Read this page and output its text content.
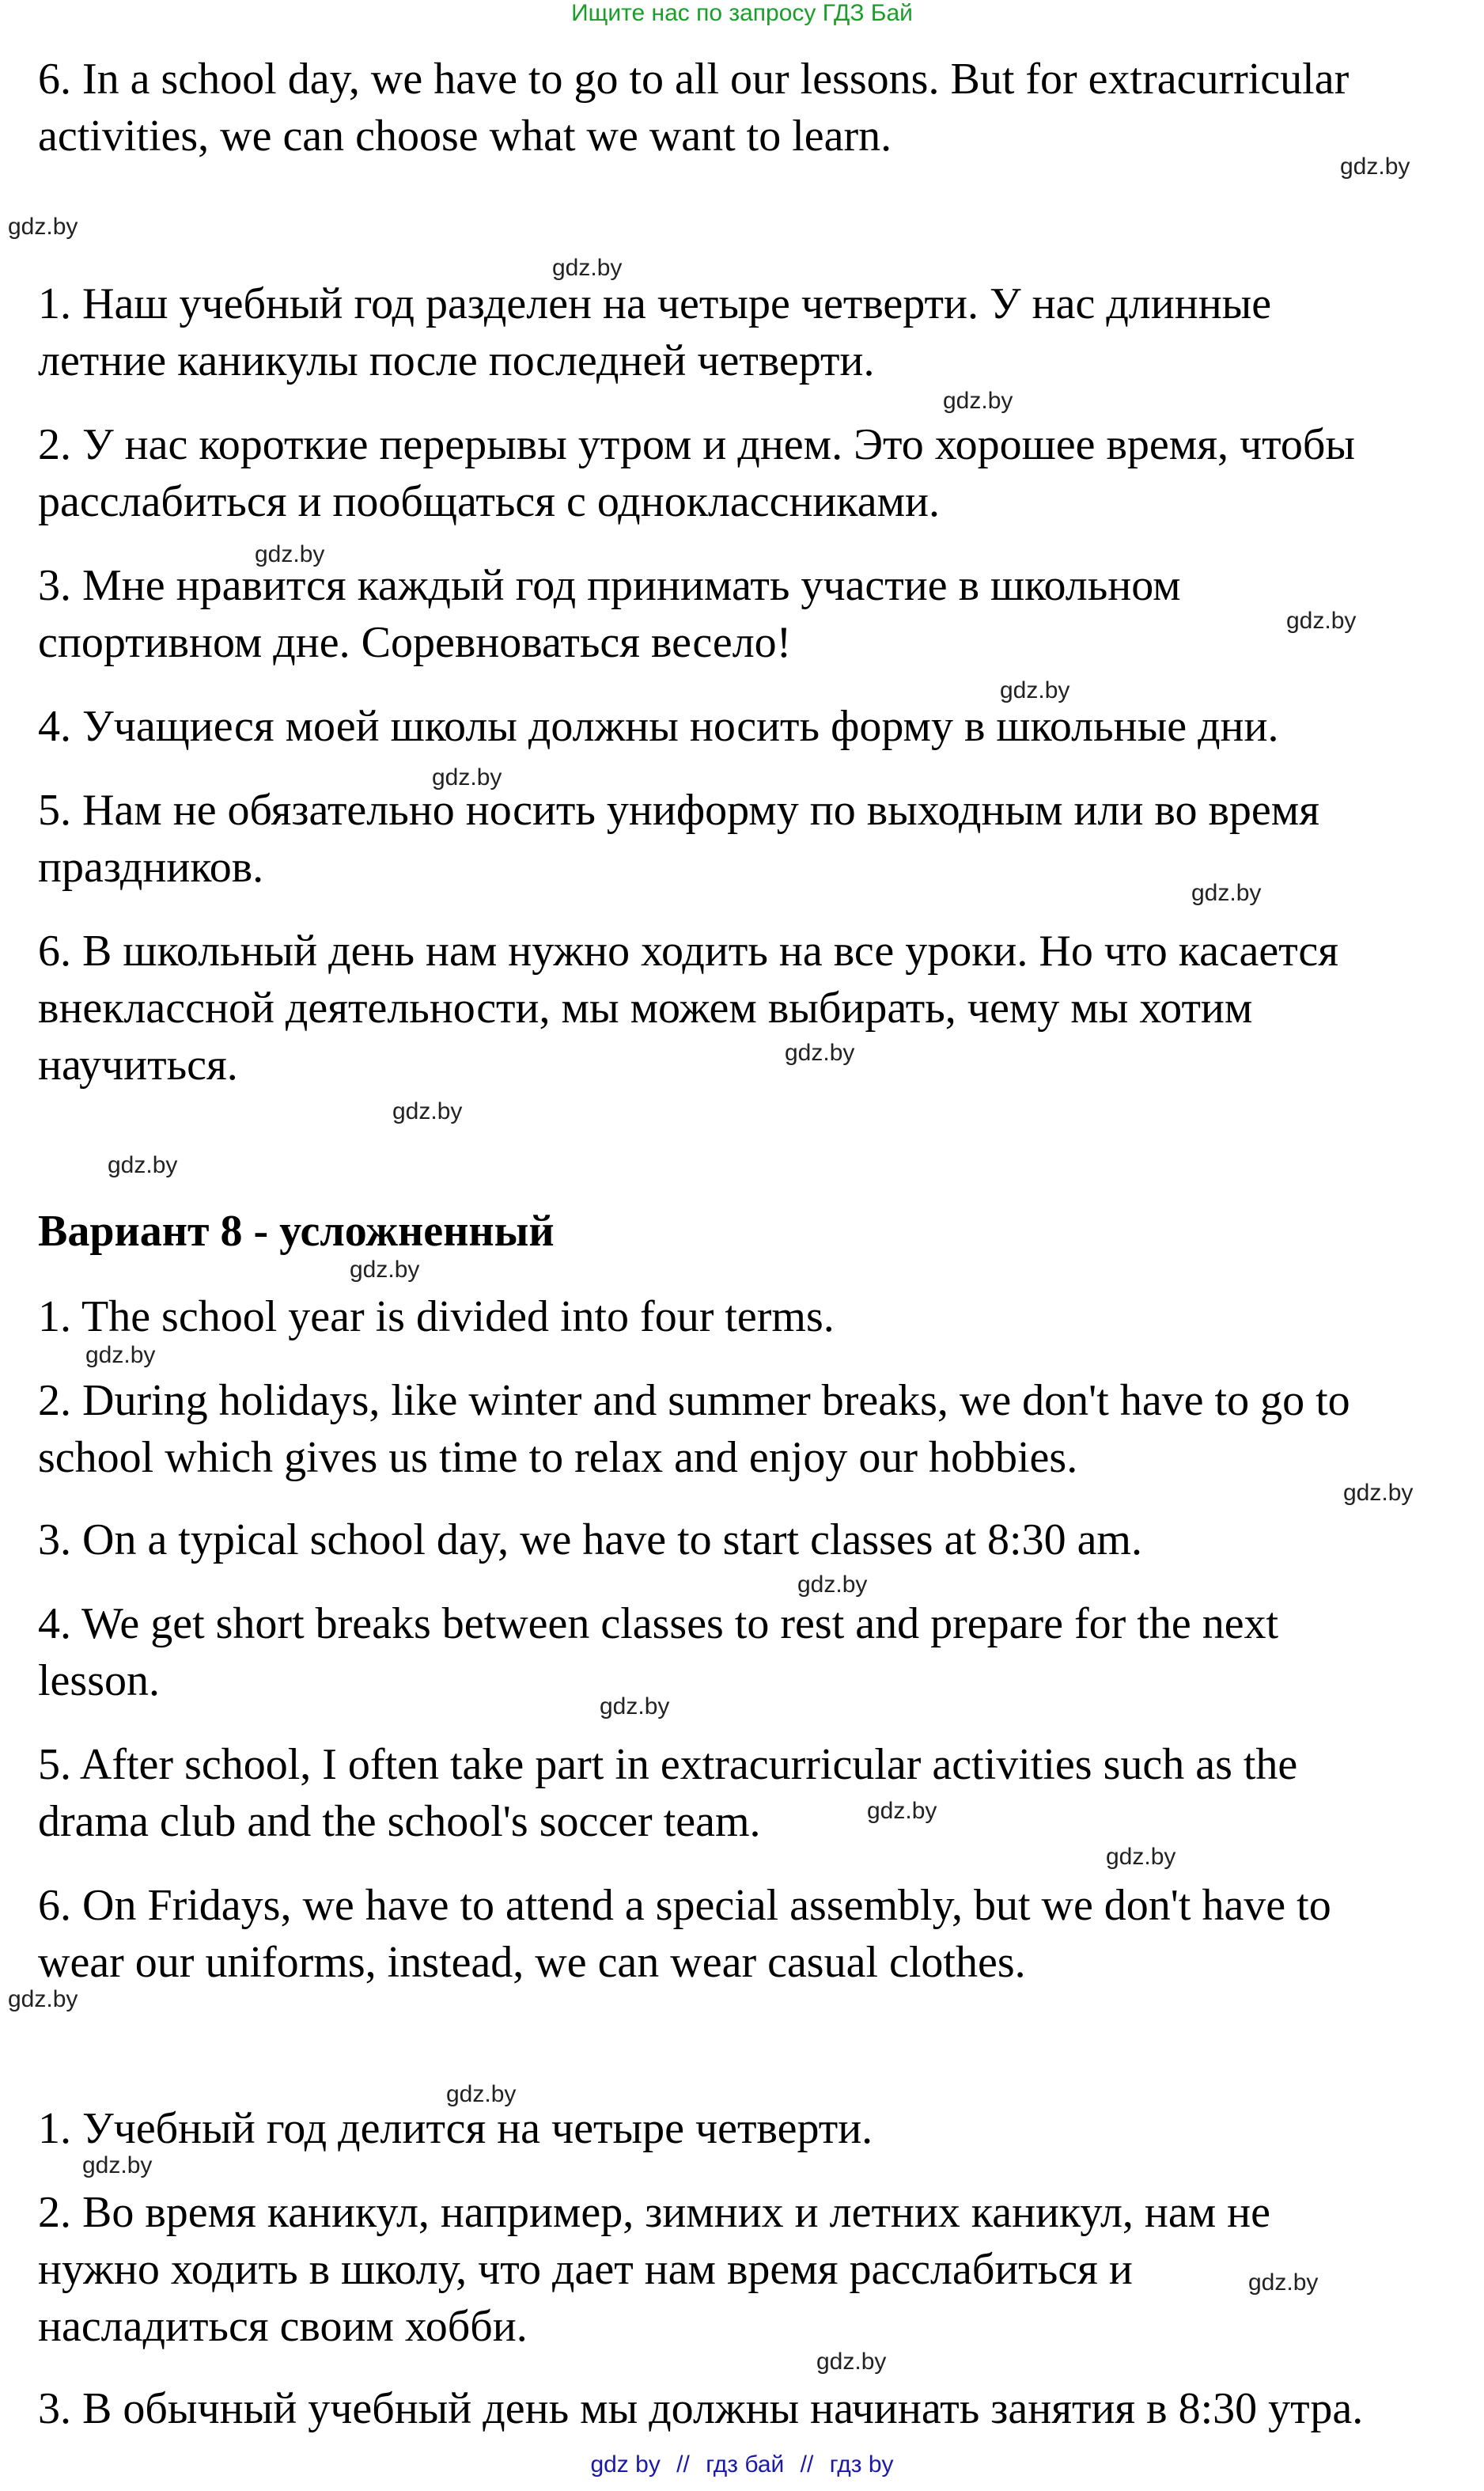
Ищите нас по запросу ГДЗ Бай

6. In a school day, we have to go to all our lessons. But for extracurricular
activities, we can choose what we want to learn.

1. Наш учебный год разделен на четыре четверти. У нас длинные
летние каникулы после последней четверти.

2. У нас короткие перерывы утром и днем. Это хорошее время, чтобы
расслабиться и пообщаться с одноклассниками.

3. Мне нравится каждый год принимать участие в школьном
спортивном дне. Соревноваться весело!

4. Учащиеся моей школы должны носить форму в школьные дни.

5. Нам не обязательно носить униформу по выходным или во время
праздников.

6. В школьный день нам нужно ходить на все уроки. Но что касается
внеклассной деятельности, мы можем выбирать, чему мы хотим
научиться.

Вариант 8 - усложненный

1. The school year is divided into four terms.

2. During holidays, like winter and summer breaks, we don't have to go to
school which gives us time to relax and enjoy our hobbies.

3. On a typical school day, we have to start classes at 8:30 am.

4. We get short breaks between classes to rest and prepare for the next
lesson.

5. After school, I often take part in extracurricular activities such as the
drama club and the school's soccer team.

6. On Fridays, we have to attend a special assembly, but we don't have to
wear our uniforms, instead, we can wear casual clothes.

1. Учебный год делится на четыре четверти.

2. Во время каникул, например, зимних и летних каникул, нам не
нужно ходить в школу, что дает нам время расслабиться и
насладиться своим хобби.

3. В обычный учебный день мы должны начинать занятия в 8:30 утра.

gdz.by
gdz.by
gdz.by
gdz.by
gdz.by
gdz.by
gdz.by
gdz.by
gdz.by
gdz.by
gdz.by
gdz.by
gdz.by
gdz.by
gdz.by
gdz.by
gdz.by
gdz.by
gdz.by
gdz.by
gdz.by
gdz.by
gdz.by
gdz.by
gdz by // гдз бай // гдз by
